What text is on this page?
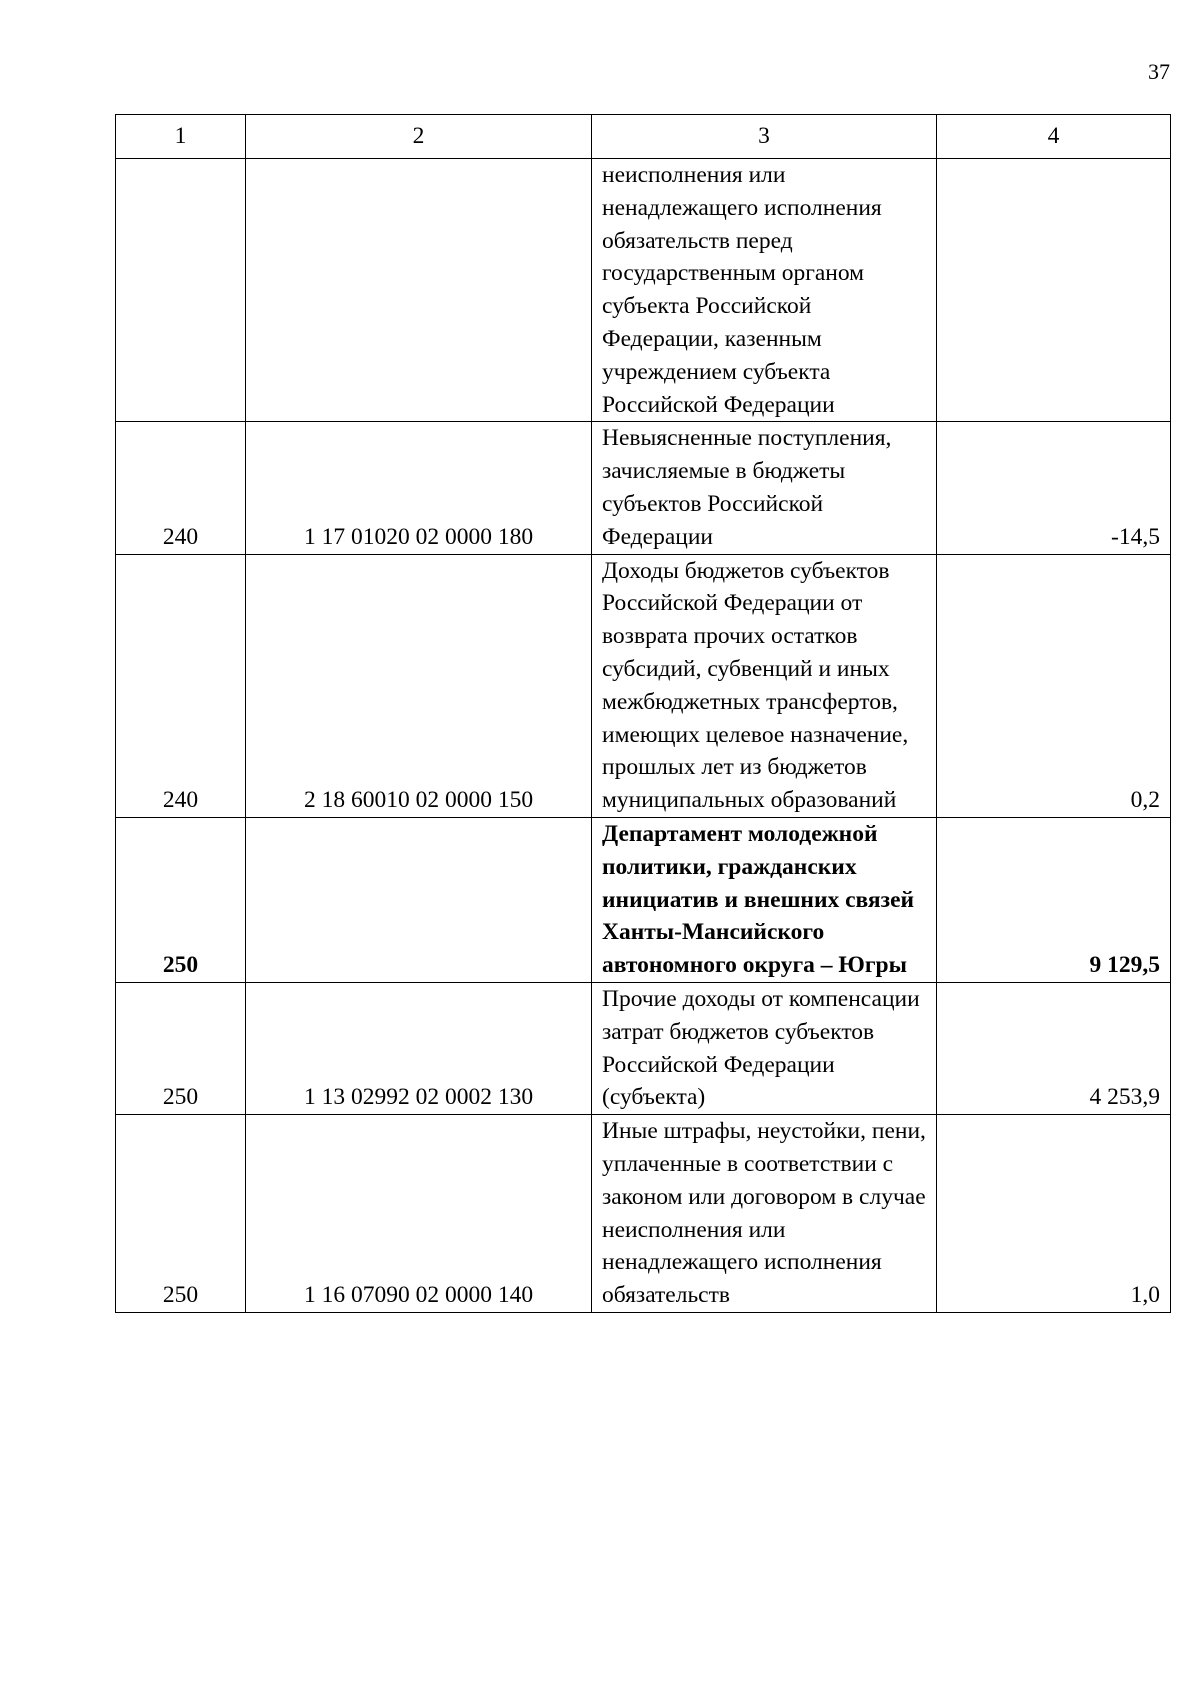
37
1	2	3	4
		неисполнения или ненадлежащего исполнения обязательств перед государственным органом субъекта Российской Федерации, казенным учреждением субъекта Российской Федерации	
240	1 17 01020 02 0000 180	Невыясненные поступления, зачисляемые в бюджеты субъектов Российской Федерации	-14,5
240	2 18 60010 02 0000 150	Доходы бюджетов субъектов Российской Федерации от возврата прочих остатков субсидий, субвенций и иных межбюджетных трансфертов, имеющих целевое назначение, прошлых лет из бюджетов муниципальных образований	0,2
250		Департамент молодежной политики, гражданских инициатив и внешних связей Ханты-Мансийского автономного округа – Югры	9 129,5
250	1 13 02992 02 0002 130	Прочие доходы от компенсации затрат бюджетов субъектов Российской Федерации (субъекта)	4 253,9
250	1 16 07090 02 0000 140	Иные штрафы, неустойки, пени, уплаченные в соответствии с законом или договором в случае неисполнения или ненадлежащего исполнения обязательств	1,0
